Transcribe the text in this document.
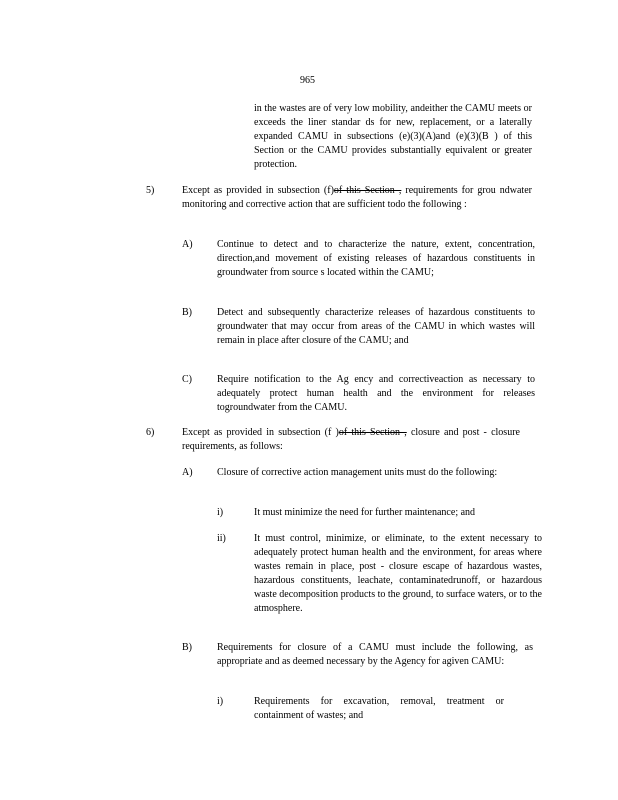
965
in the wastes are of very low mobility, andeither the CAMU meets or exceeds the liner standar ds for new, replacement, or a laterally expanded CAMU in subsections (e)(3)(A)and (e)(3)(B ) of this Section or the CAMU provides substantially equivalent or greater protection.
5)	Except as provided in subsection (f)of this Section , requirements for grou ndwater monitoring and corrective action that are sufficient todo the following :
A) Continue to detect and to characterize the nature, extent, concentration, direction,and movement of existing releases of hazardous constituents in groundwater from source s located within the CAMU;
B)	Detect and subsequently characterize releases of hazardous constituents to groundwater that may occur from areas of the CAMU in which wastes will remain in place after closure of the CAMU; and
C)	Require notification to the Ag ency and correctiveaction as necessary to adequately protect human health and the environment for releases togroundwater from the CAMU.
6)	Except as provided in subsection (f )of this Section , closure and post - closure requirements, as follows:
A) Closure of corrective action management units must do the following:
i)	It must minimize the need for further maintenance; and
ii)	It must control, minimize, or eliminate, to the extent necessary to adequately protect human health and the environment, for areas where wastes remain in place, post - closure escape of hazardous wastes, hazardous constituents, leachate, contaminatedrunoff, or hazardous waste decomposition products to the ground, to surface waters, or to the atmosphere.
B)	Requirements for closure of a CAMU must include the following, as appropriate and as deemed necessary by the Agency for agiven CAMU:
i)	Requirements for excavation, removal, treatment or containment of wastes; and
